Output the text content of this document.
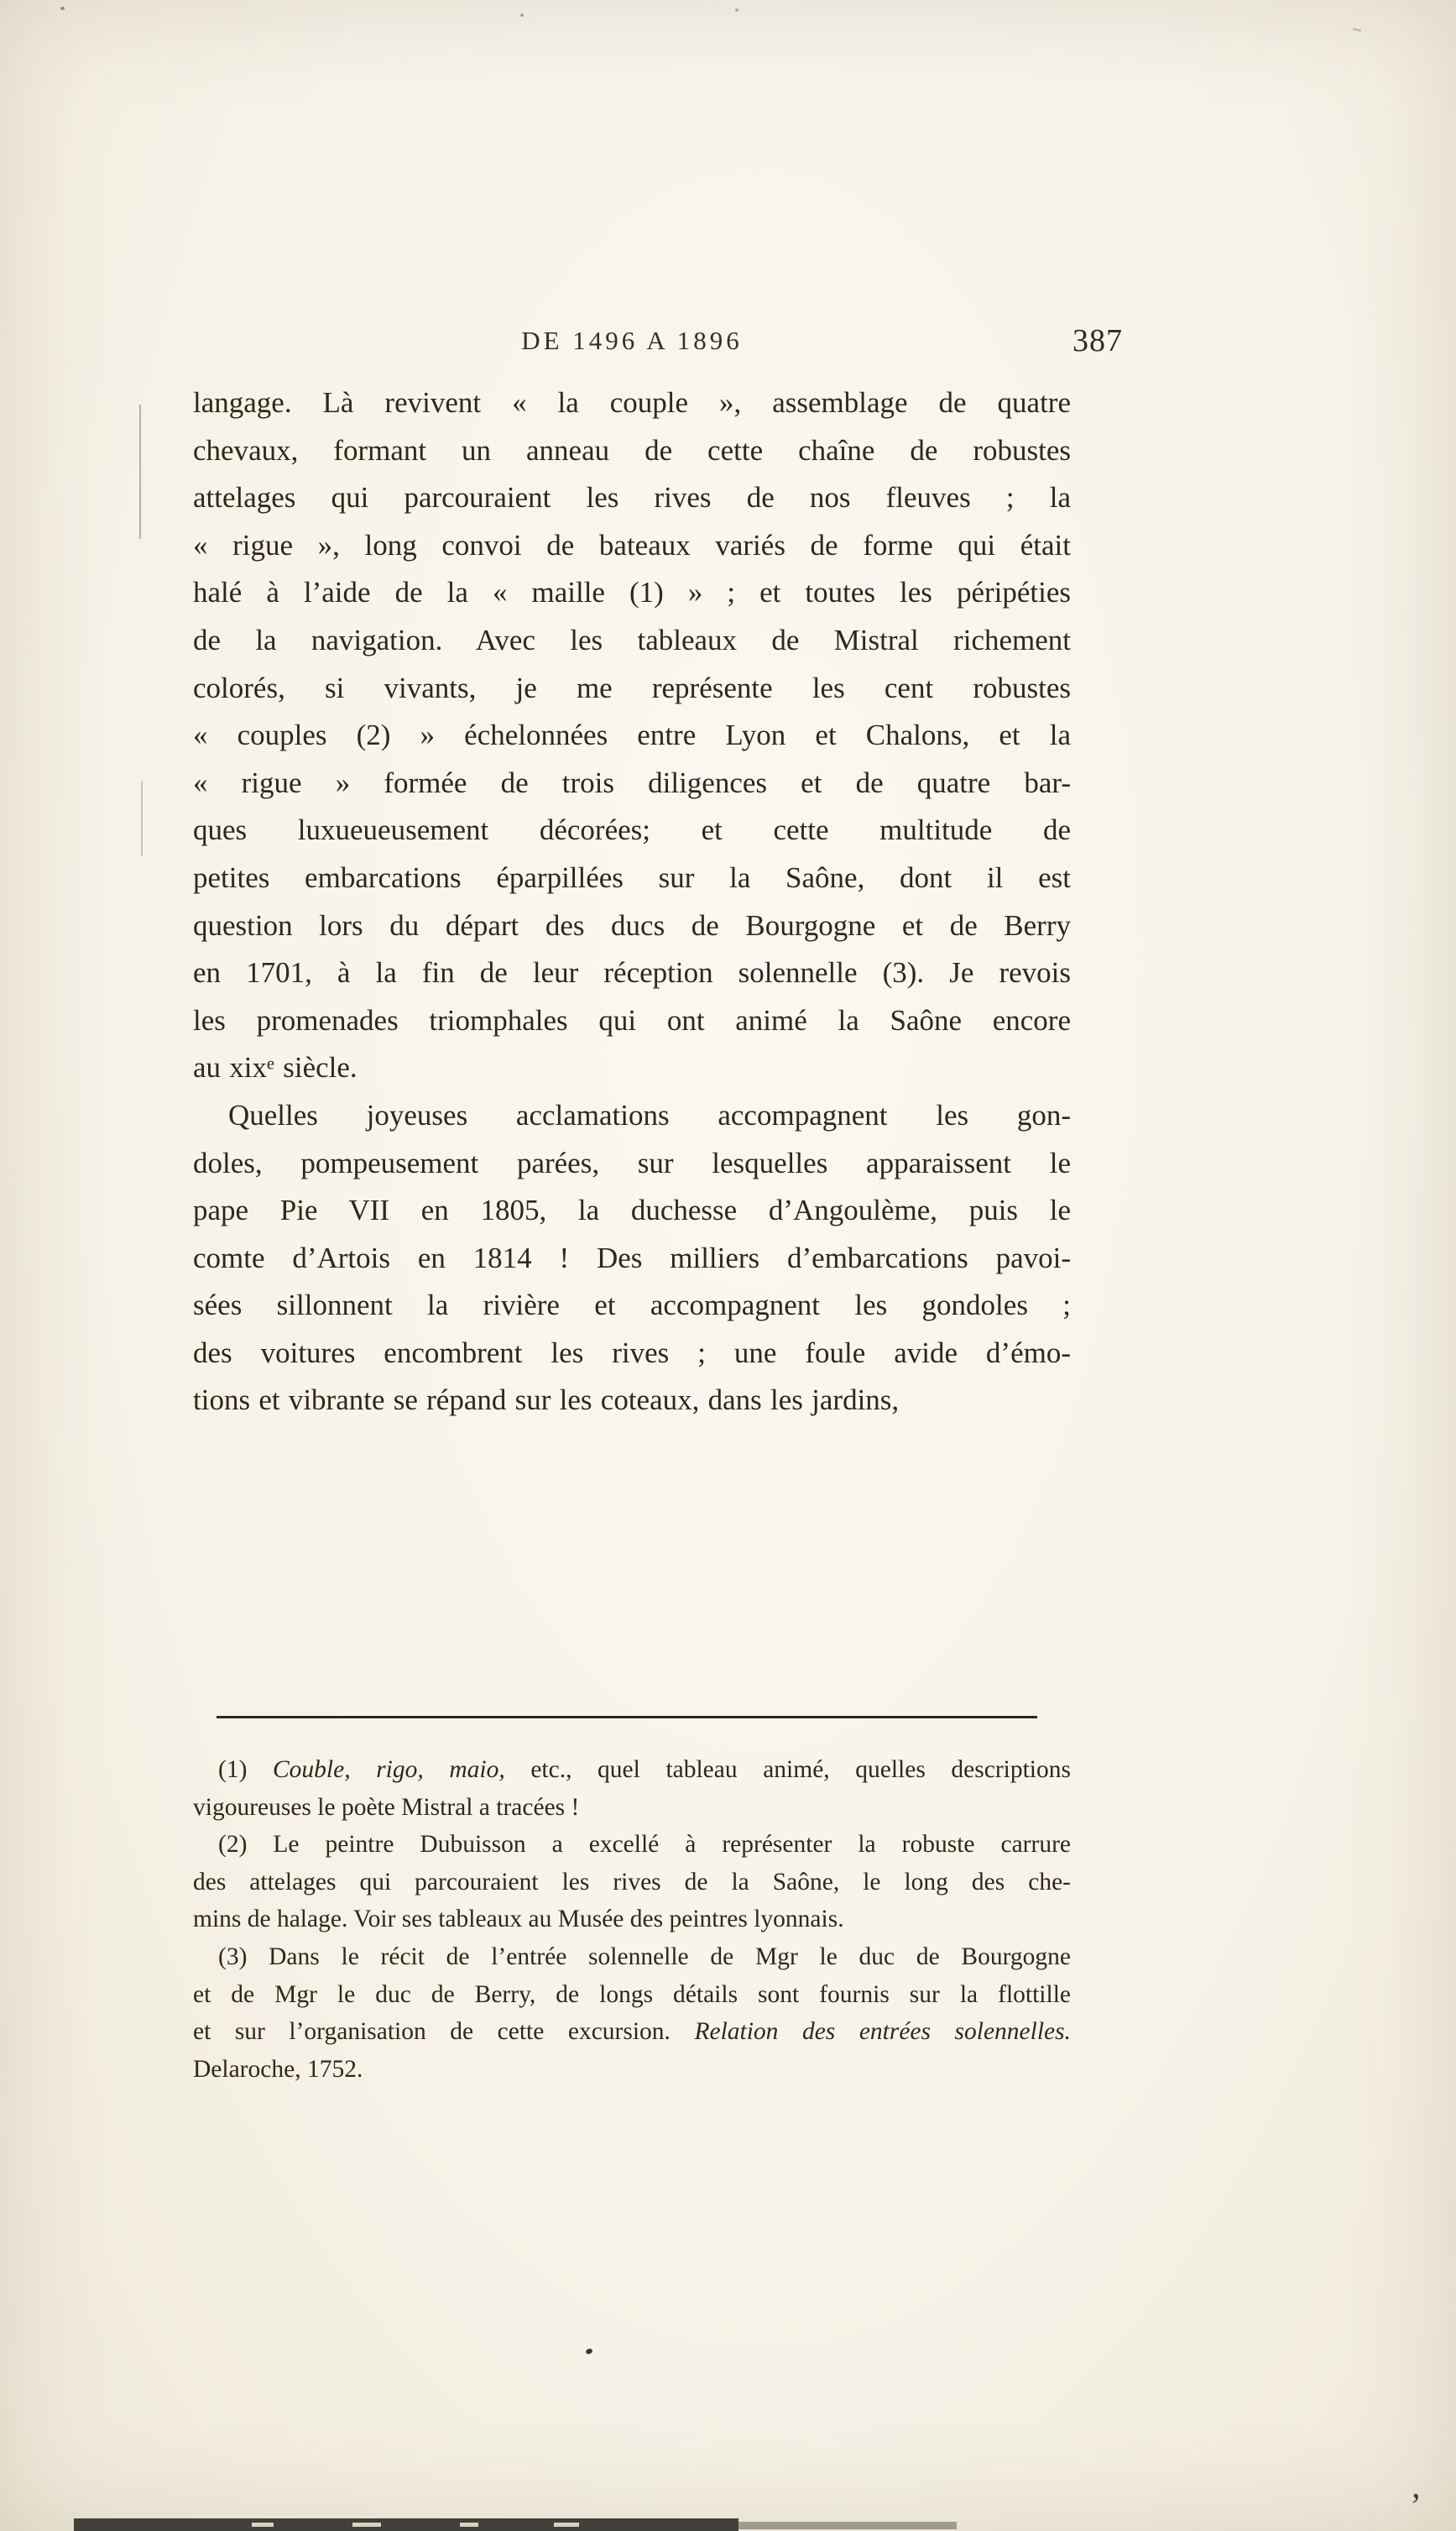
DE 1496 A 1896	387
langage. Là revivent « la couple », assemblage de quatre
chevaux, formant un anneau de cette chaîne de robustes
attelages qui parcouraient les rives de nos fleuves ; la
« rigue », long convoi de bateaux variés de forme qui était
halé à l’aide de la « maille (1) » ; et toutes les péripéties
de la navigation. Avec les tableaux de Mistral richement
colorés, si vivants, je me représente les cent robustes
« couples (2) » échelonnées entre Lyon et Chalons, et la
« rigue » formée de trois diligences et de quatre bar-
ques luxueueusement décorées; et cette multitude de
petites embarcations éparpillées sur la Saône, dont il est
question lors du départ des ducs de Bourgogne et de Berry
en 1701, à la fin de leur réception solennelle (3). Je revois
les promenades triomphales qui ont animé la Saône encore
au xixᵉ siècle.
Quelles joyeuses acclamations accompagnent les gon-
doles, pompeusement parées, sur lesquelles apparaissent le
pape Pie VII en 1805, la duchesse d’Angoulème, puis le
comte d’Artois en 1814 ! Des milliers d’embarcations pavoi-
sées sillonnent la rivière et accompagnent les gondoles ;
des voitures encombrent les rives ; une foule avide d’émo-
tions et vibrante se répand sur les coteaux, dans les jardins,
(1) Couble, rigo, maio, etc., quel tableau animé, quelles descriptions
vigoureuses le poète Mistral a tracées !
(2) Le peintre Dubuisson a excellé à représenter la robuste carrure
des attelages qui parcouraient les rives de la Saône, le long des che-
mins de halage. Voir ses tableaux au Musée des peintres lyonnais.
(3) Dans le récit de l’entrée solennelle de Mgr le duc de Bourgogne
et de Mgr le duc de Berry, de longs détails sont fournis sur la flottille
et sur l’organisation de cette excursion. Relation des entrées solennelles.
Delaroche, 1752.
’
